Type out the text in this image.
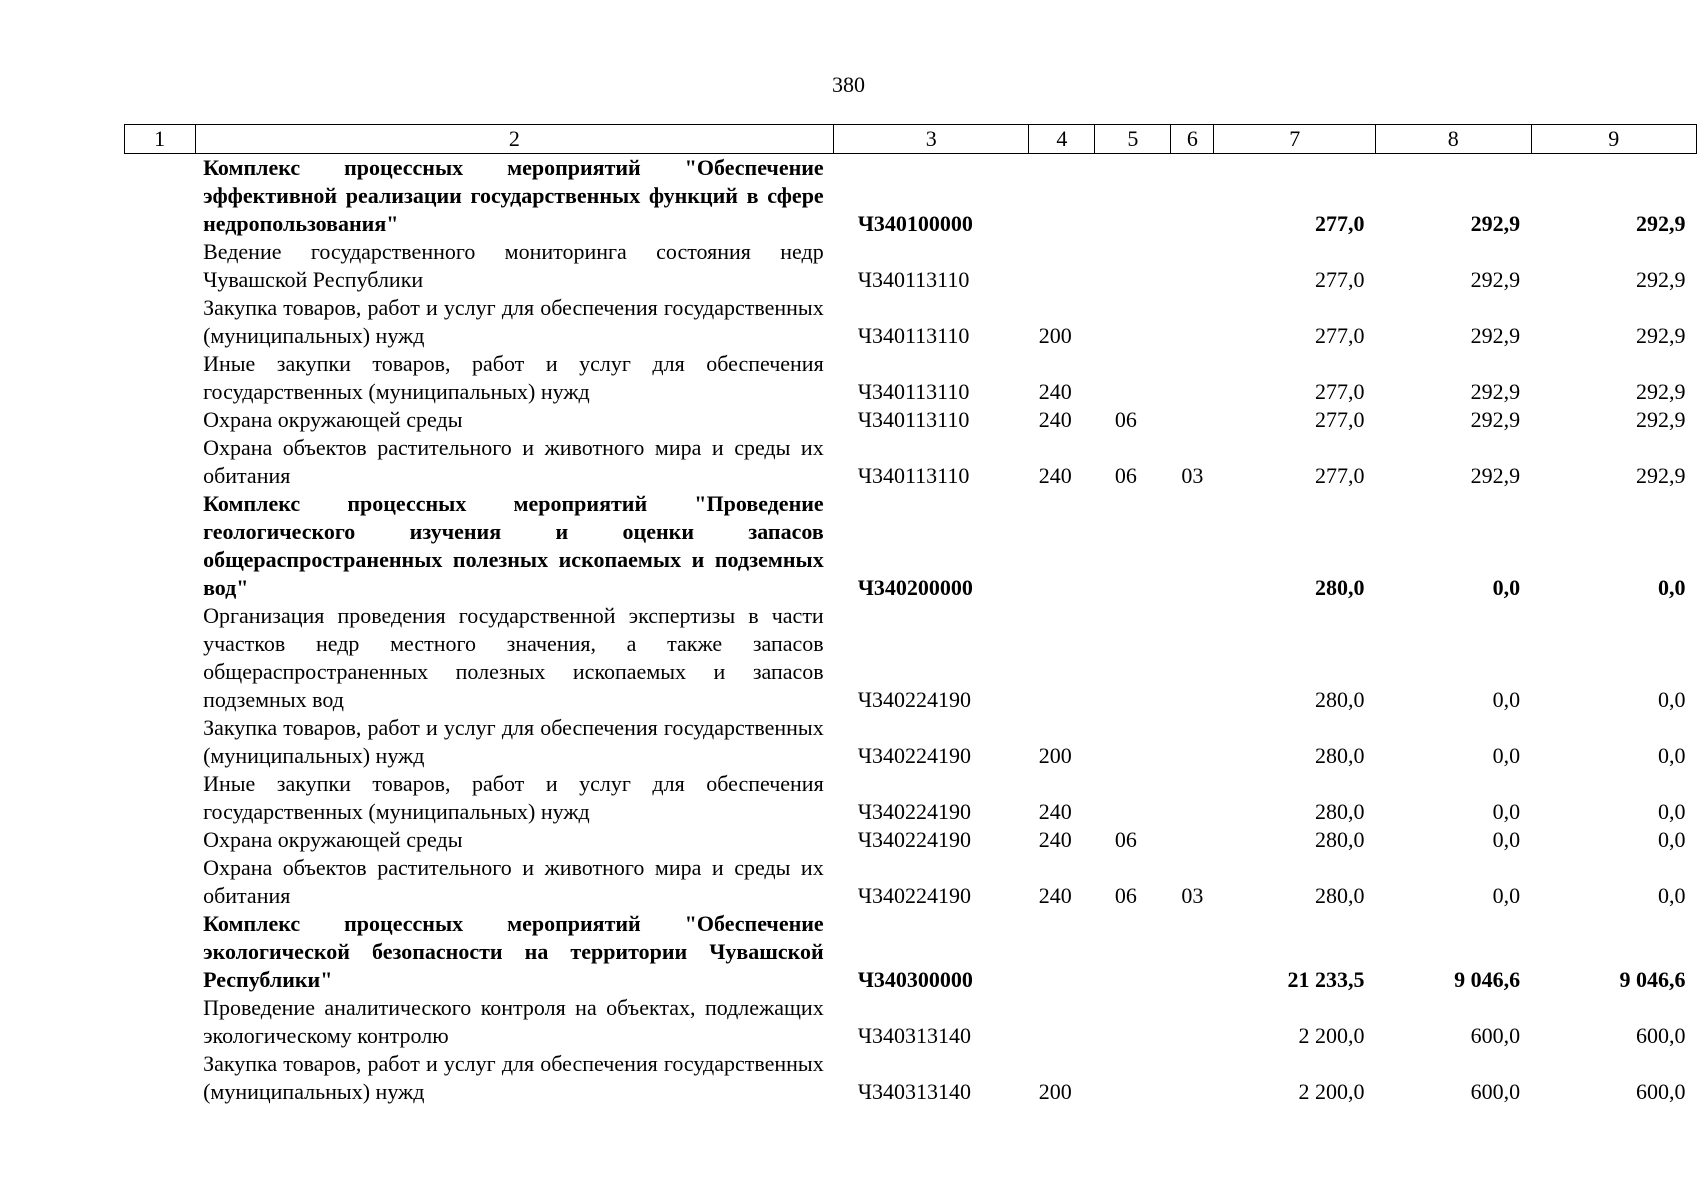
380
	1	2	3	4	5	6	7	8	9
		Комплекс процессных мероприятий "Обеспечение эффективной реализации государственных функций в сфере недропользования"	Ч340100000				277,0	292,9	292,9
		Ведение государственного мониторинга состояния недр Чувашской Республики	Ч340113110				277,0	292,9	292,9
		Закупка товаров, работ и услуг для обеспечения государственных (муниципальных) нужд	Ч340113110	200			277,0	292,9	292,9
		Иные закупки товаров, работ и услуг для обеспечения государственных (муниципальных) нужд	Ч340113110	240			277,0	292,9	292,9
		Охрана окружающей среды	Ч340113110	240	06		277,0	292,9	292,9
		Охрана объектов растительного и животного мира и среды их обитания	Ч340113110	240	06	03	277,0	292,9	292,9
		Комплекс процессных мероприятий "Проведение геологического изучения и оценки запасов общераспространенных полезных ископаемых и подземных вод"	Ч340200000				280,0	0,0	0,0
		Организация проведения государственной экспертизы в части участков недр местного значения, а также запасов общераспространенных полезных ископаемых и запасов подземных вод	Ч340224190				280,0	0,0	0,0
		Закупка товаров, работ и услуг для обеспечения государственных (муниципальных) нужд	Ч340224190	200			280,0	0,0	0,0
		Иные закупки товаров, работ и услуг для обеспечения государственных (муниципальных) нужд	Ч340224190	240			280,0	0,0	0,0
		Охрана окружающей среды	Ч340224190	240	06		280,0	0,0	0,0
		Охрана объектов растительного и животного мира и среды их обитания	Ч340224190	240	06	03	280,0	0,0	0,0
		Комплекс процессных мероприятий "Обеспечение экологической безопасности на территории Чувашской Республики"	Ч340300000				21 233,5	9 046,6	9 046,6
		Проведение аналитического контроля на объектах, подлежащих экологическому контролю	Ч340313140				2 200,0	600,0	600,0
		Закупка товаров, работ и услуг для обеспечения государственных (муниципальных) нужд	Ч340313140	200			2 200,0	600,0	600,0
